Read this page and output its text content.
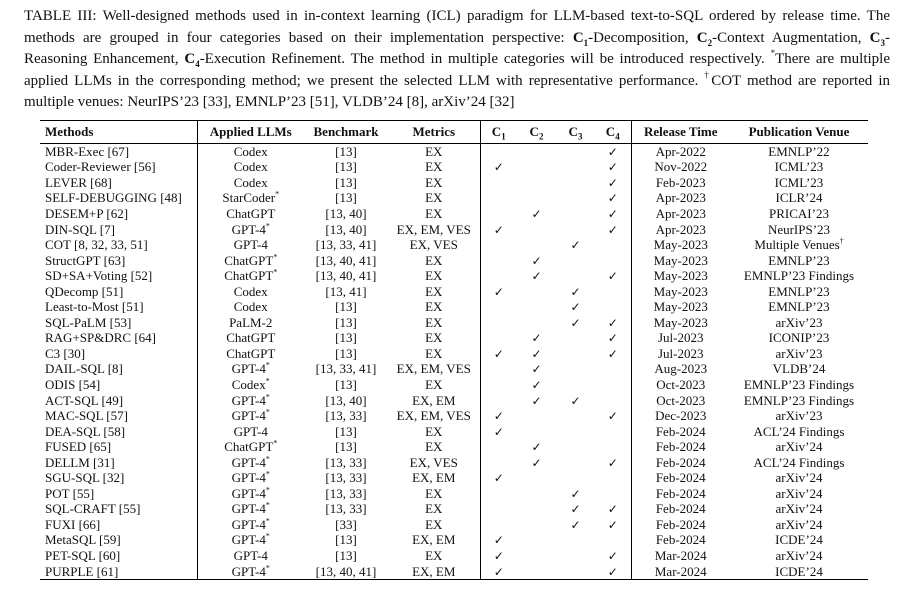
TABLE III: Well-designed methods used in in-context learning (ICL) paradigm for LLM-based text-to-SQL ordered by release time. The methods are grouped in four categories based on their implementation perspective: $C_1$-Decomposition, $C_2$-Context Augmentation, $C_3$-Reasoning Enhancement, $C_4$-Execution Refinement. The method in multiple categories will be introduced respectively. *There are multiple applied LLMs in the corresponding method; we present the selected LLM with representative performance. †COT method are reported in multiple venues: NeurIPS’23 [33], EMNLP’23 [51], VLDB’24 [8], arXiv’24 [32]
Methods	Applied LLMs	Benchmark	Metrics	$C_1$	$C_2$	$C_3$	$C_4$	Release Time	Publication Venue
MBR-Exec [67]	Codex	[13]	EX				✓	Apr-2022	EMNLP’22
Coder-Reviewer [56]	Codex	[13]	EX	✓			✓	Nov-2022	ICML’23
LEVER [68]	Codex	[13]	EX				✓	Feb-2023	ICML’23
SELF-DEBUGGING [48]	StarCoder*	[13]	EX				✓	Apr-2023	ICLR’24
DESEM+P [62]	ChatGPT	[13, 40]	EX		✓		✓	Apr-2023	PRICAI’23
DIN-SQL [7]	GPT-4*	[13, 40]	EX, EM, VES	✓			✓	Apr-2023	NeurIPS’23
COT [8, 32, 33, 51]	GPT-4	[13, 33, 41]	EX, VES			✓		May-2023	Multiple Venues†
StructGPT [63]	ChatGPT*	[13, 40, 41]	EX		✓			May-2023	EMNLP’23
SD+SA+Voting [52]	ChatGPT*	[13, 40, 41]	EX		✓		✓	May-2023	EMNLP’23 Findings
QDecomp [51]	Codex	[13, 41]	EX	✓		✓		May-2023	EMNLP’23
Least-to-Most [51]	Codex	[13]	EX			✓		May-2023	EMNLP’23
SQL-PaLM [53]	PaLM-2	[13]	EX			✓	✓	May-2023	arXiv’23
RAG+SP&DRC [64]	ChatGPT	[13]	EX		✓		✓	Jul-2023	ICONIP’23
C3 [30]	ChatGPT	[13]	EX	✓	✓		✓	Jul-2023	arXiv’23
DAIL-SQL [8]	GPT-4*	[13, 33, 41]	EX, EM, VES		✓			Aug-2023	VLDB’24
ODIS [54]	Codex*	[13]	EX		✓			Oct-2023	EMNLP’23 Findings
ACT-SQL [49]	GPT-4*	[13, 40]	EX, EM		✓	✓		Oct-2023	EMNLP’23 Findings
MAC-SQL [57]	GPT-4*	[13, 33]	EX, EM, VES	✓			✓	Dec-2023	arXiv’23
DEA-SQL [58]	GPT-4	[13]	EX	✓				Feb-2024	ACL’24 Findings
FUSED [65]	ChatGPT*	[13]	EX		✓			Feb-2024	arXiv’24
DELLM [31]	GPT-4*	[13, 33]	EX, VES		✓		✓	Feb-2024	ACL’24 Findings
SGU-SQL [32]	GPT-4*	[13, 33]	EX, EM	✓				Feb-2024	arXiv’24
POT [55]	GPT-4*	[13, 33]	EX			✓		Feb-2024	arXiv’24
SQL-CRAFT [55]	GPT-4*	[13, 33]	EX			✓	✓	Feb-2024	arXiv’24
FUXI [66]	GPT-4*	[33]	EX			✓	✓	Feb-2024	arXiv’24
MetaSQL [59]	GPT-4*	[13]	EX, EM	✓				Feb-2024	ICDE’24
PET-SQL [60]	GPT-4	[13]	EX	✓			✓	Mar-2024	arXiv’24
PURPLE [61]	GPT-4*	[13, 40, 41]	EX, EM	✓			✓	Mar-2024	ICDE’24
